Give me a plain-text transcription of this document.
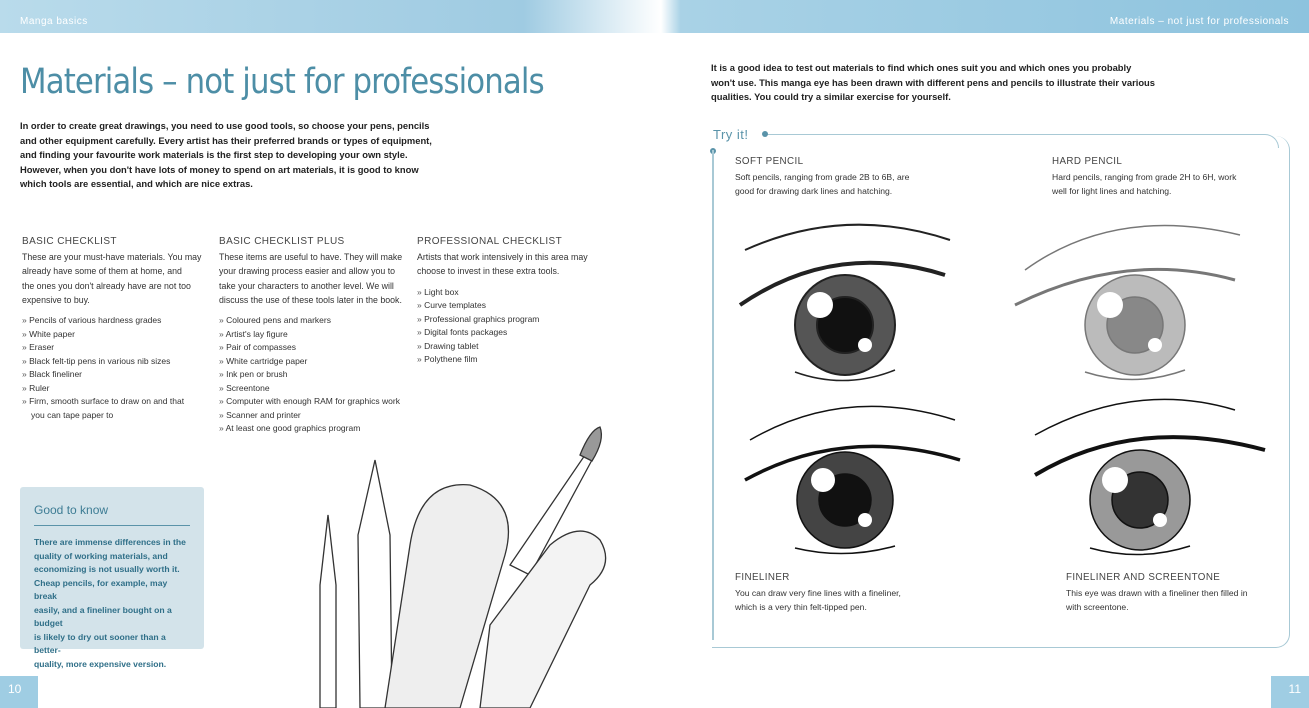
Manga basics	Materials – not just for professionals
Materials – not just for professionals
In order to create great drawings, you need to use good tools, so choose your pens, pencils
and other equipment carefully. Every artist has their preferred brands or types of equipment,
and finding your favourite work materials is the first step to developing your own style.
However, when you don't have lots of money to spend on art materials, it is good to know
which tools are essential, and which are nice extras.
BASIC CHECKLIST

These are your must-have materials. You may
already have some of them at home, and
the ones you don't already have are not too
expensive to buy.

» Pencils of various hardness grades
» White paper
» Eraser
» Black felt-tip pens in various nib sizes
» Black fineliner
» Ruler
» Firm, smooth surface to draw on and that
you can tape paper to
BASIC CHECKLIST PLUS

These items are useful to have. They will make
your drawing process easier and allow you to
take your characters to another level. We will
discuss the use of these tools later in the book.

» Coloured pens and markers
» Artist's lay figure
» Pair of compasses
» White cartridge paper
» Ink pen or brush
» Screentone
» Computer with enough RAM for graphics work
» Scanner and printer
» At least one good graphics program
PROFESSIONAL CHECKLIST

Artists that work intensively in this area may
choose to invest in these extra tools.

» Light box
» Curve templates
» Professional graphics program
» Digital fonts packages
» Drawing tablet
» Polythene film
Good to know

There are immense differences in the
quality of working materials, and
economizing is not usually worth it.
Cheap pencils, for example, may break
easily, and a fineliner bought on a budget
is likely to dry out sooner than a better-
quality, more expensive version.

10	11
It is a good idea to test out materials to find which ones suit you and which ones you probably
won't use. This manga eye has been drawn with different pens and pencils to illustrate their various
qualities. You could try a similar exercise for yourself.
Try it!
SOFT PENCIL

Soft pencils, ranging from grade 2B to 6B, are
good for drawing dark lines and hatching.

HARD PENCIL

Hard pencils, ranging from grade 2H to 6H, work
well for light lines and hatching.

FINELINER

You can draw very fine lines with a fineliner,
which is a very thin felt-tipped pen.

FINELINER AND SCREENTONE

This eye was drawn with a fineliner then filled in
with screentone.
